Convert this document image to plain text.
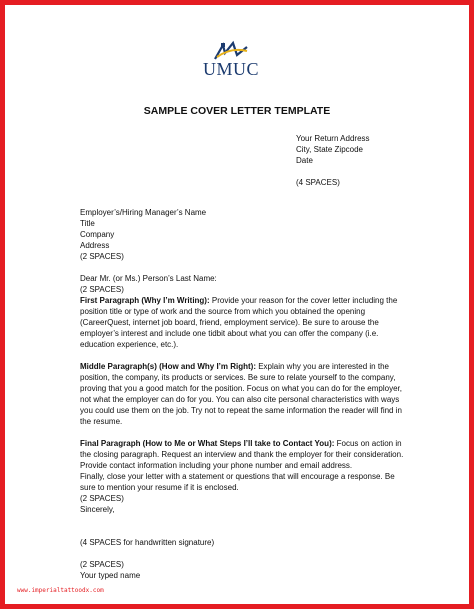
UMUC
SAMPLE COVER LETTER TEMPLATE
Your Return Address
City, State Zipcode
Date
(4 SPACES)
Employer’s/Hiring Manager’s Name
Title
Company
Address
(2 SPACES)
Dear Mr. (or Ms.) Person’s Last Name:
(2 SPACES)

First Paragraph (Why I’m Writing): Provide your reason for the cover letter including the position title or type of work and the source from which you obtained the opening (CareerQuest, internet job board, friend, employment service). Be sure to arouse the employer’s interest and include one tidbit about what you can offer the company (i.e. education experience, etc.).

Middle Paragraph(s) (How and Why I’m Right): Explain why you are interested in the position, the company, its products or services. Be sure to relate yourself to the company, proving that you a good match for the position. Focus on what you can do for the employer, not what the employer can do for you. You can also cite personal characteristics with ways you could use them on the job. Try not to repeat the same information the reader will find in the resume.

Final Paragraph (How to Me or What Steps I’ll take to Contact You): Focus on action in the closing paragraph. Request an interview and thank the employer for their consideration. Provide contact information including your phone number and email address.

Finally, close your letter with a statement or questions that will encourage a response. Be sure to mention your resume if it is enclosed.

(2 SPACES)
Sincerely,
(4 SPACES for handwritten signature)
(2 SPACES)
Your typed name
www.imperialtattoodx.com
